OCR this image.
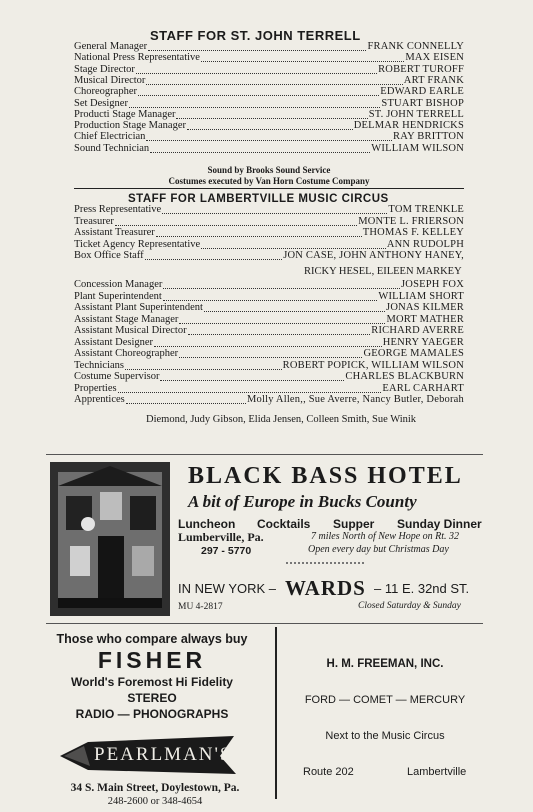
STAFF FOR ST. JOHN TERRELL
General Manager	FRANK CONNELLY
National Press Representative	MAX EISEN
Stage Director	ROBERT TUROFF
Musical Director	ART FRANK
Choreographer	EDWARD EARLE
Set Designer	STUART BISHOP
Producti Stage Manager	ST. JOHN TERRELL
Production Stage Manager	DELMAR HENDRICKS
Chief Electrician	RAY BRITTON
Sound Technician	WILLIAM WILSON
Sound by Brooks Sound Service
Costumes executed by Van Horn Costume Company
STAFF FOR LAMBERTVILLE MUSIC CIRCUS
Press Representative	TOM TRENKLE
Treasurer	MONTE L. FRIERSON
Assistant Treasurer	THOMAS F. KELLEY
Ticket Agency Representative	ANN RUDOLPH
Box Office Staff	JON CASE, JOHN ANTHONY HANEY,
RICKY HESEL, EILEEN MARKEY
Concession Manager	JOSEPH FOX
Plant Superintendent	WILLIAM SHORT
Assistant Plant Superintendent	JONAS KILMER
Assistant Stage Manager	MORT MATHER
Assistant Musical Director	RICHARD AVERRE
Assistant Designer	HENRY YAEGER
Assistant Choreographer	GEORGE MAMALES
Technicians	ROBERT POPICK, WILLIAM WILSON
Costume Supervisor	CHARLES BLACKBURN
Properties	EARL CARHART
Apprentices	Molly Allen,, Sue Averre, Nancy Butler, Deborah
Diemond, Judy Gibson, Elida Jensen, Colleen Smith, Sue Winik
BLACK BASS HOTEL
A bit of Europe in Bucks County
Luncheon Cocktails Supper Sunday Dinner
Lumberville, Pa.	7 miles North of New Hope on Rt. 32
297 - 5770	Open every day but Christmas Day
IN NEW YORK – WARDS – 11 E. 32nd ST.
MU 4-2817	Closed Saturday & Sunday
Those who compare always buy
FISHER
World's Foremost Hi Fidelity
STEREO
RADIO — PHONOGRAPHS
PEARLMAN'S
34 S. Main Street, Doylestown, Pa.
248-2600 or 348-4654
H. M. FREEMAN, INC.
FORD — COMET — MERCURY
Next to the Music Circus
Route 202	Lambertville
